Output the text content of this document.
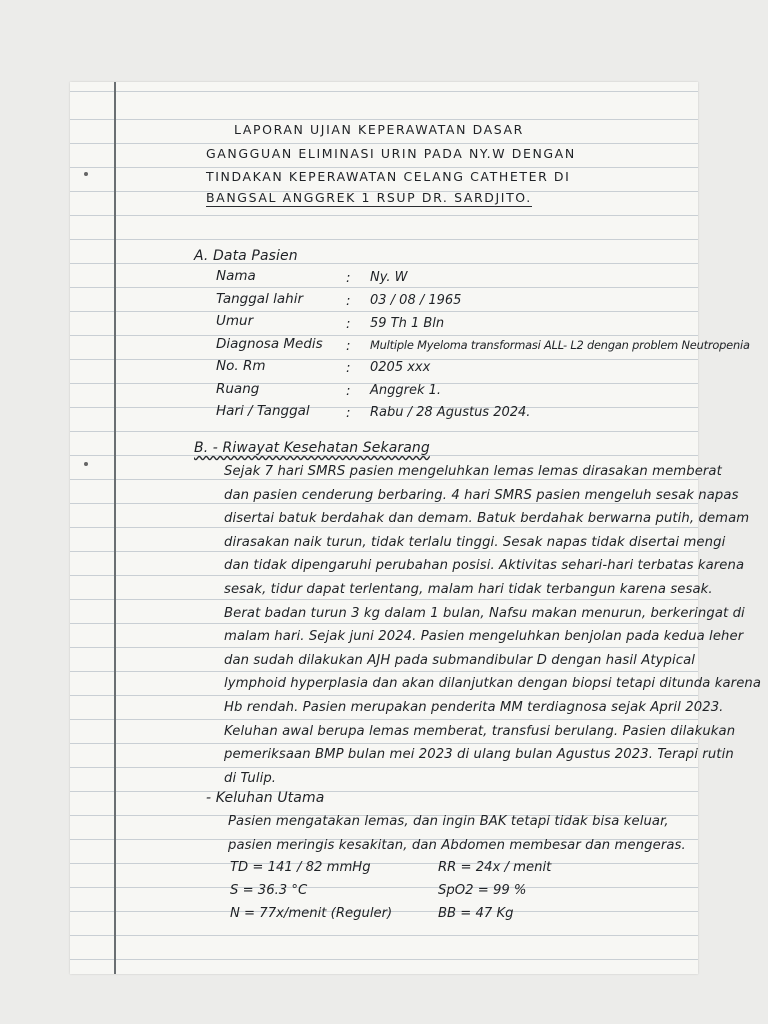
LAPORAN UJIAN KEPERAWATAN DASAR
GANGGUAN ELIMINASI URIN PADA NY.W DENGAN
TINDAKAN KEPERAWATAN CELANG CATHETER DI
BANGSAL ANGGREK 1 RSUP DR. SARDJITO.
A. Data Pasien
Nama	: Ny. W
Tanggal lahir	: 03 / 08 / 1965
Umur	: 59 Th 1 Bln
Diagnosa Medis : Multiple Myeloma transformasi ALL- L2 dengan problem Neutropenia
No. Rm	: 0205 xxx
Ruang	: Anggrek 1.
Hari / Tanggal	: Rabu / 28 Agustus 2024.
B. - Riwayat Kesehatan Sekarang
Sejak 7 hari SMRS pasien mengeluhkan lemas lemas dirasakan memberat
dan pasien cenderung berbaring. 4 hari SMRS pasien mengeluh sesak napas
disertai batuk berdahak dan demam. Batuk berdahak berwarna putih, demam
dirasakan naik turun, tidak terlalu tinggi. Sesak napas tidak disertai mengi
dan tidak dipengaruhi perubahan posisi. Aktivitas sehari-hari terbatas karena
sesak, tidur dapat terlentang, malam hari tidak terbangun karena sesak.
Berat badan turun 3 kg dalam 1 bulan, Nafsu makan menurun, berkeringat di
malam hari. Sejak juni 2024. Pasien mengeluhkan benjolan pada kedua leher
dan sudah dilakukan AJH pada submandibular D dengan hasil Atypical
lymphoid hyperplasia dan akan dilanjutkan dengan biopsi tetapi ditunda karena
Hb rendah. Pasien merupakan penderita MM terdiagnosa sejak April 2023.
Keluhan awal berupa lemas memberat, transfusi berulang. Pasien dilakukan
pemeriksaan BMP bulan mei 2023 di ulang bulan Agustus 2023. Terapi rutin
di Tulip.
- Keluhan Utama
Pasien mengatakan lemas, dan ingin BAK tetapi tidak bisa keluar,
pasien meringis kesakitan, dan Abdomen membesar dan mengeras.
TD = 141 / 82 mmHg	RR = 24x / menit
S = 36.3 °C	SpO2 = 99 %
N = 77x/menit (Reguler)	BB = 47 Kg
